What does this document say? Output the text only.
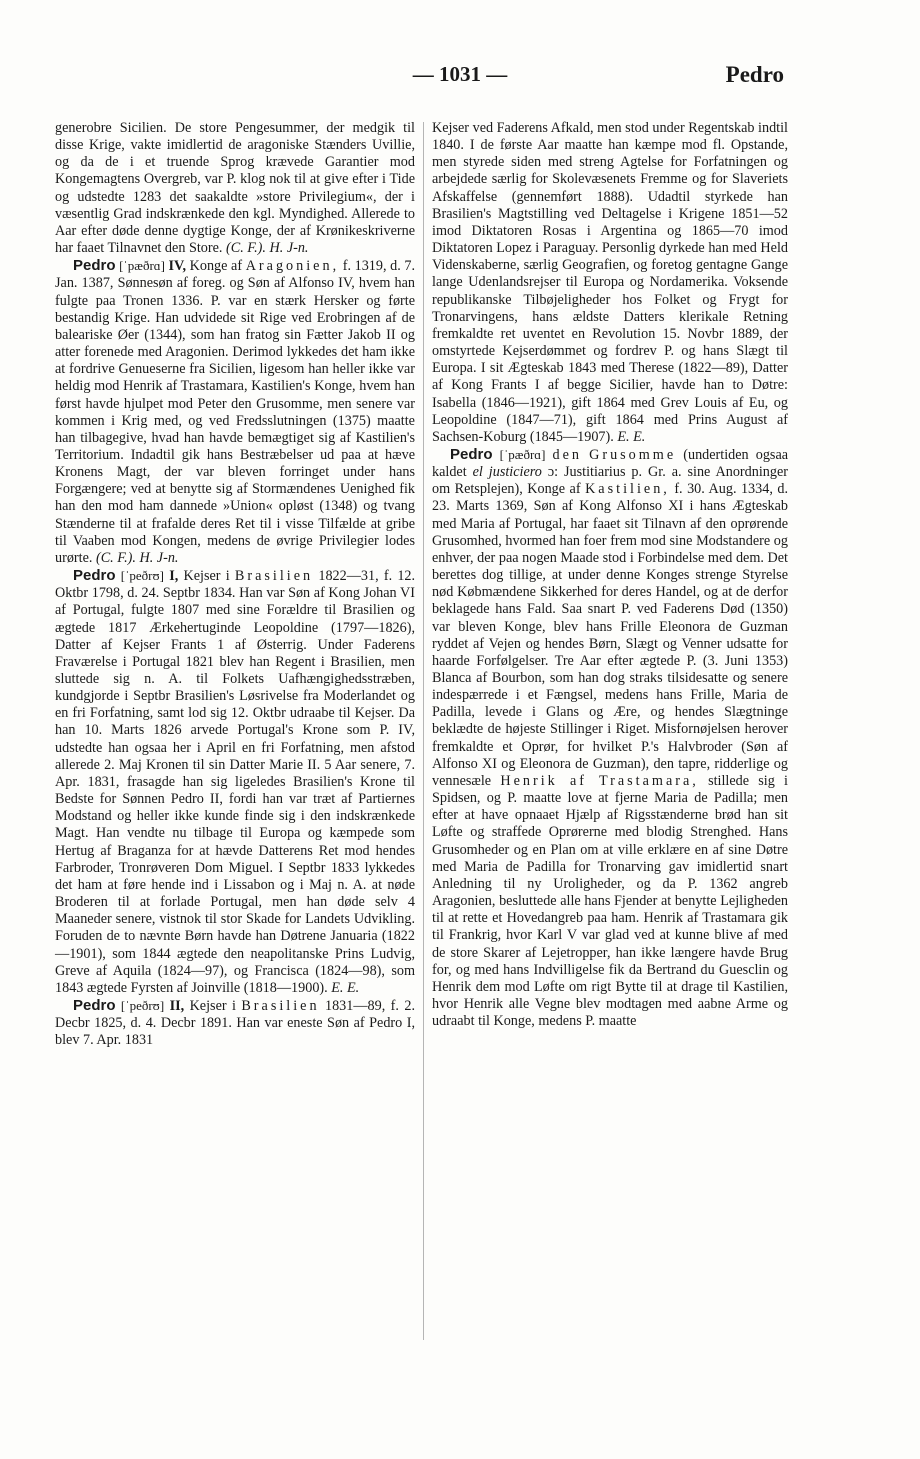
— 1031 —	Pedro

generobre Sicilien. De store Pengesummer, der medgik til disse Krige, vakte imidlertid de aragoniske Stænders Uvillie, og da de i et truende Sprog krævede Garantier mod Kongemagtens Overgreb, var P. klog nok til at give efter i Tide og udstedte 1283 det saakaldte »store Privilegium«, der i væsentlig Grad indskrænkede den kgl. Myndighed. Allerede to Aar efter døde denne dygtige Konge, der af Krønikeskriverne har faaet Tilnavnet den Store. (C. F.). H. J-n.

Pedro [ˈpæðrɑ] IV, Konge af Aragonien, f. 1319, d. 7. Jan. 1387, Sønnesøn af foreg. og Søn af Alfonso IV, hvem han fulgte paa Tronen 1336. P. var en stærk Hersker og førte bestandig Krige. Han udvidede sit Rige ved Erobringen af de baleariske Øer (1344), som han fratog sin Fætter Jakob II og atter forenede med Aragonien. Derimod lykkedes det ham ikke at fordrive Genueserne fra Sicilien, ligesom han heller ikke var heldig mod Henrik af Trastamara, Kastilien's Konge, hvem han først havde hjulpet mod Peter den Grusomme, men senere var kommen i Krig med, og ved Fredsslutningen (1375) maatte han tilbagegive, hvad han havde bemægtiget sig af Kastilien's Territorium. Indadtil gik hans Bestræbelser ud paa at hæve Kronens Magt, der var bleven forringet under hans Forgængere; ved at benytte sig af Stormændenes Uenighed fik han den mod ham dannede »Union« opløst (1348) og tvang Stænderne til at frafalde deres Ret til i visse Tilfælde at gribe til Vaaben mod Kongen, medens de øvrige Privilegier lodes urørte. (C. F.). H. J-n.

Pedro [ˈpeðrʊ] I, Kejser i Brasilien 1822—31, f. 12. Oktbr 1798, d. 24. Septbr 1834. Han var Søn af Kong Johan VI af Portugal, fulgte 1807 med sine Forældre til Brasilien og ægtede 1817 Ærkehertuginde Leopoldine (1797—1826), Datter af Kejser Frants 1 af Østerrig. Under Faderens Fraværelse i Portugal 1821 blev han Regent i Brasilien, men sluttede sig n. A. til Folkets Uafhængighedsstræben, kundgjorde i Septbr Brasilien's Løsrivelse fra Moderlandet og en fri Forfatning, samt lod sig 12. Oktbr udraabe til Kejser. Da han 10. Marts 1826 arvede Portugal's Krone som P. IV, udstedte han ogsaa her i April en fri Forfatning, men afstod allerede 2. Maj Kronen til sin Datter Marie II. 5 Aar senere, 7. Apr. 1831, frasagde han sig ligeledes Brasilien's Krone til Bedste for Sønnen Pedro II, fordi han var træt af Partiernes Modstand og heller ikke kunde finde sig i den indskrænkede Magt. Han vendte nu tilbage til Europa og kæmpede som Hertug af Braganza for at hævde Datterens Ret mod hendes Farbroder, Tronrøveren Dom Miguel. I Septbr 1833 lykkedes det ham at føre hende ind i Lissabon og i Maj n. A. at nøde Broderen til at forlade Portugal, men han døde selv 4 Maaneder senere, vistnok til stor Skade for Landets Udvikling. Foruden de to nævnte Børn havde han Døtrene Januaria (1822—1901), som 1844 ægtede den neapolitanske Prins Ludvig, Greve af Aquila (1824—97), og Francisca (1824—98), som 1843 ægtede Fyrsten af Joinville (1818—1900). E. E.

Pedro [ˈpeðrʊ] II, Kejser i Brasilien 1831—89, f. 2. Decbr 1825, d. 4. Decbr 1891. Han var eneste Søn af Pedro I, blev 7. Apr. 1831

Kejser ved Faderens Afkald, men stod under Regentskab indtil 1840. I de første Aar maatte han kæmpe mod fl. Opstande, men styrede siden med streng Agtelse for Forfatningen og arbejdede særlig for Skolevæsenets Fremme og for Slaveriets Afskaffelse (gennemført 1888). Udadtil styrkede han Brasilien's Magtstilling ved Deltagelse i Krigene 1851—52 imod Diktatoren Rosas i Argentina og 1865—70 imod Diktatoren Lopez i Paraguay. Personlig dyrkede han med Held Videnskaberne, særlig Geografien, og foretog gentagne Gange lange Udenlandsrejser til Europa og Nordamerika. Voksende republikanske Tilbøjeligheder hos Folket og Frygt for Tronarvingens, hans ældste Datters klerikale Retning fremkaldte ret uventet en Revolution 15. Novbr 1889, der omstyrtede Kejserdømmet og fordrev P. og hans Slægt til Europa. I sit Ægteskab 1843 med Therese (1822—89), Datter af Kong Frants I af begge Sicilier, havde han to Døtre: Isabella (1846—1921), gift 1864 med Grev Louis af Eu, og Leopoldine (1847—71), gift 1864 med Prins August af Sachsen-Koburg (1845—1907). E. E.

Pedro [ˈpæðrɑ] den Grusomme (undertiden ogsaa kaldet el justiciero ɔ: Justitiarius p. Gr. a. sine Anordninger om Retsplejen), Konge af Kastilien, f. 30. Aug. 1334, d. 23. Marts 1369, Søn af Kong Alfonso XI i hans Ægteskab med Maria af Portugal, har faaet sit Tilnavn af den oprørende Grusomhed, hvormed han foer frem mod sine Modstandere og enhver, der paa nogen Maade stod i Forbindelse med dem. Det berettes dog tillige, at under denne Konges strenge Styrelse nød Købmændene Sikkerhed for deres Handel, og at de derfor beklagede hans Fald. Saa snart P. ved Faderens Død (1350) var bleven Konge, blev hans Frille Eleonora de Guzman ryddet af Vejen og hendes Børn, Slægt og Venner udsatte for haarde Forfølgelser. Tre Aar efter ægtede P. (3. Juni 1353) Blanca af Bourbon, som han dog straks tilsidesatte og senere indespærrede i et Fængsel, medens hans Frille, Maria de Padilla, levede i Glans og Ære, og hendes Slægtninge beklædte de højeste Stillinger i Riget. Misfornøjelsen herover fremkaldte et Oprør, for hvilket P.'s Halvbroder (Søn af Alfonso XI og Eleonora de Guzman), den tapre, ridderlige og vennesæle Henrik af Trastamara, stillede sig i Spidsen, og P. maatte love at fjerne Maria de Padilla; men efter at have opnaaet Hjælp af Rigsstænderne brød han sit Løfte og straffede Oprørerne med blodig Strenghed. Hans Grusomheder og en Plan om at ville erklære en af sine Døtre med Maria de Padilla for Tronarving gav imidlertid snart Anledning til ny Uroligheder, og da P. 1362 angreb Aragonien, besluttede alle hans Fjender at benytte Lejligheden til at rette et Hovedangreb paa ham. Henrik af Trastamara gik til Frankrig, hvor Karl V var glad ved at kunne blive af med de store Skarer af Lejetropper, han ikke længere havde Brug for, og med hans Indvilligelse fik da Bertrand du Guesclin og Henrik dem mod Løfte om rigt Bytte til at drage til Kastilien, hvor Henrik alle Vegne blev modtagen med aabne Arme og udraabt til Konge, medens P. maatte
